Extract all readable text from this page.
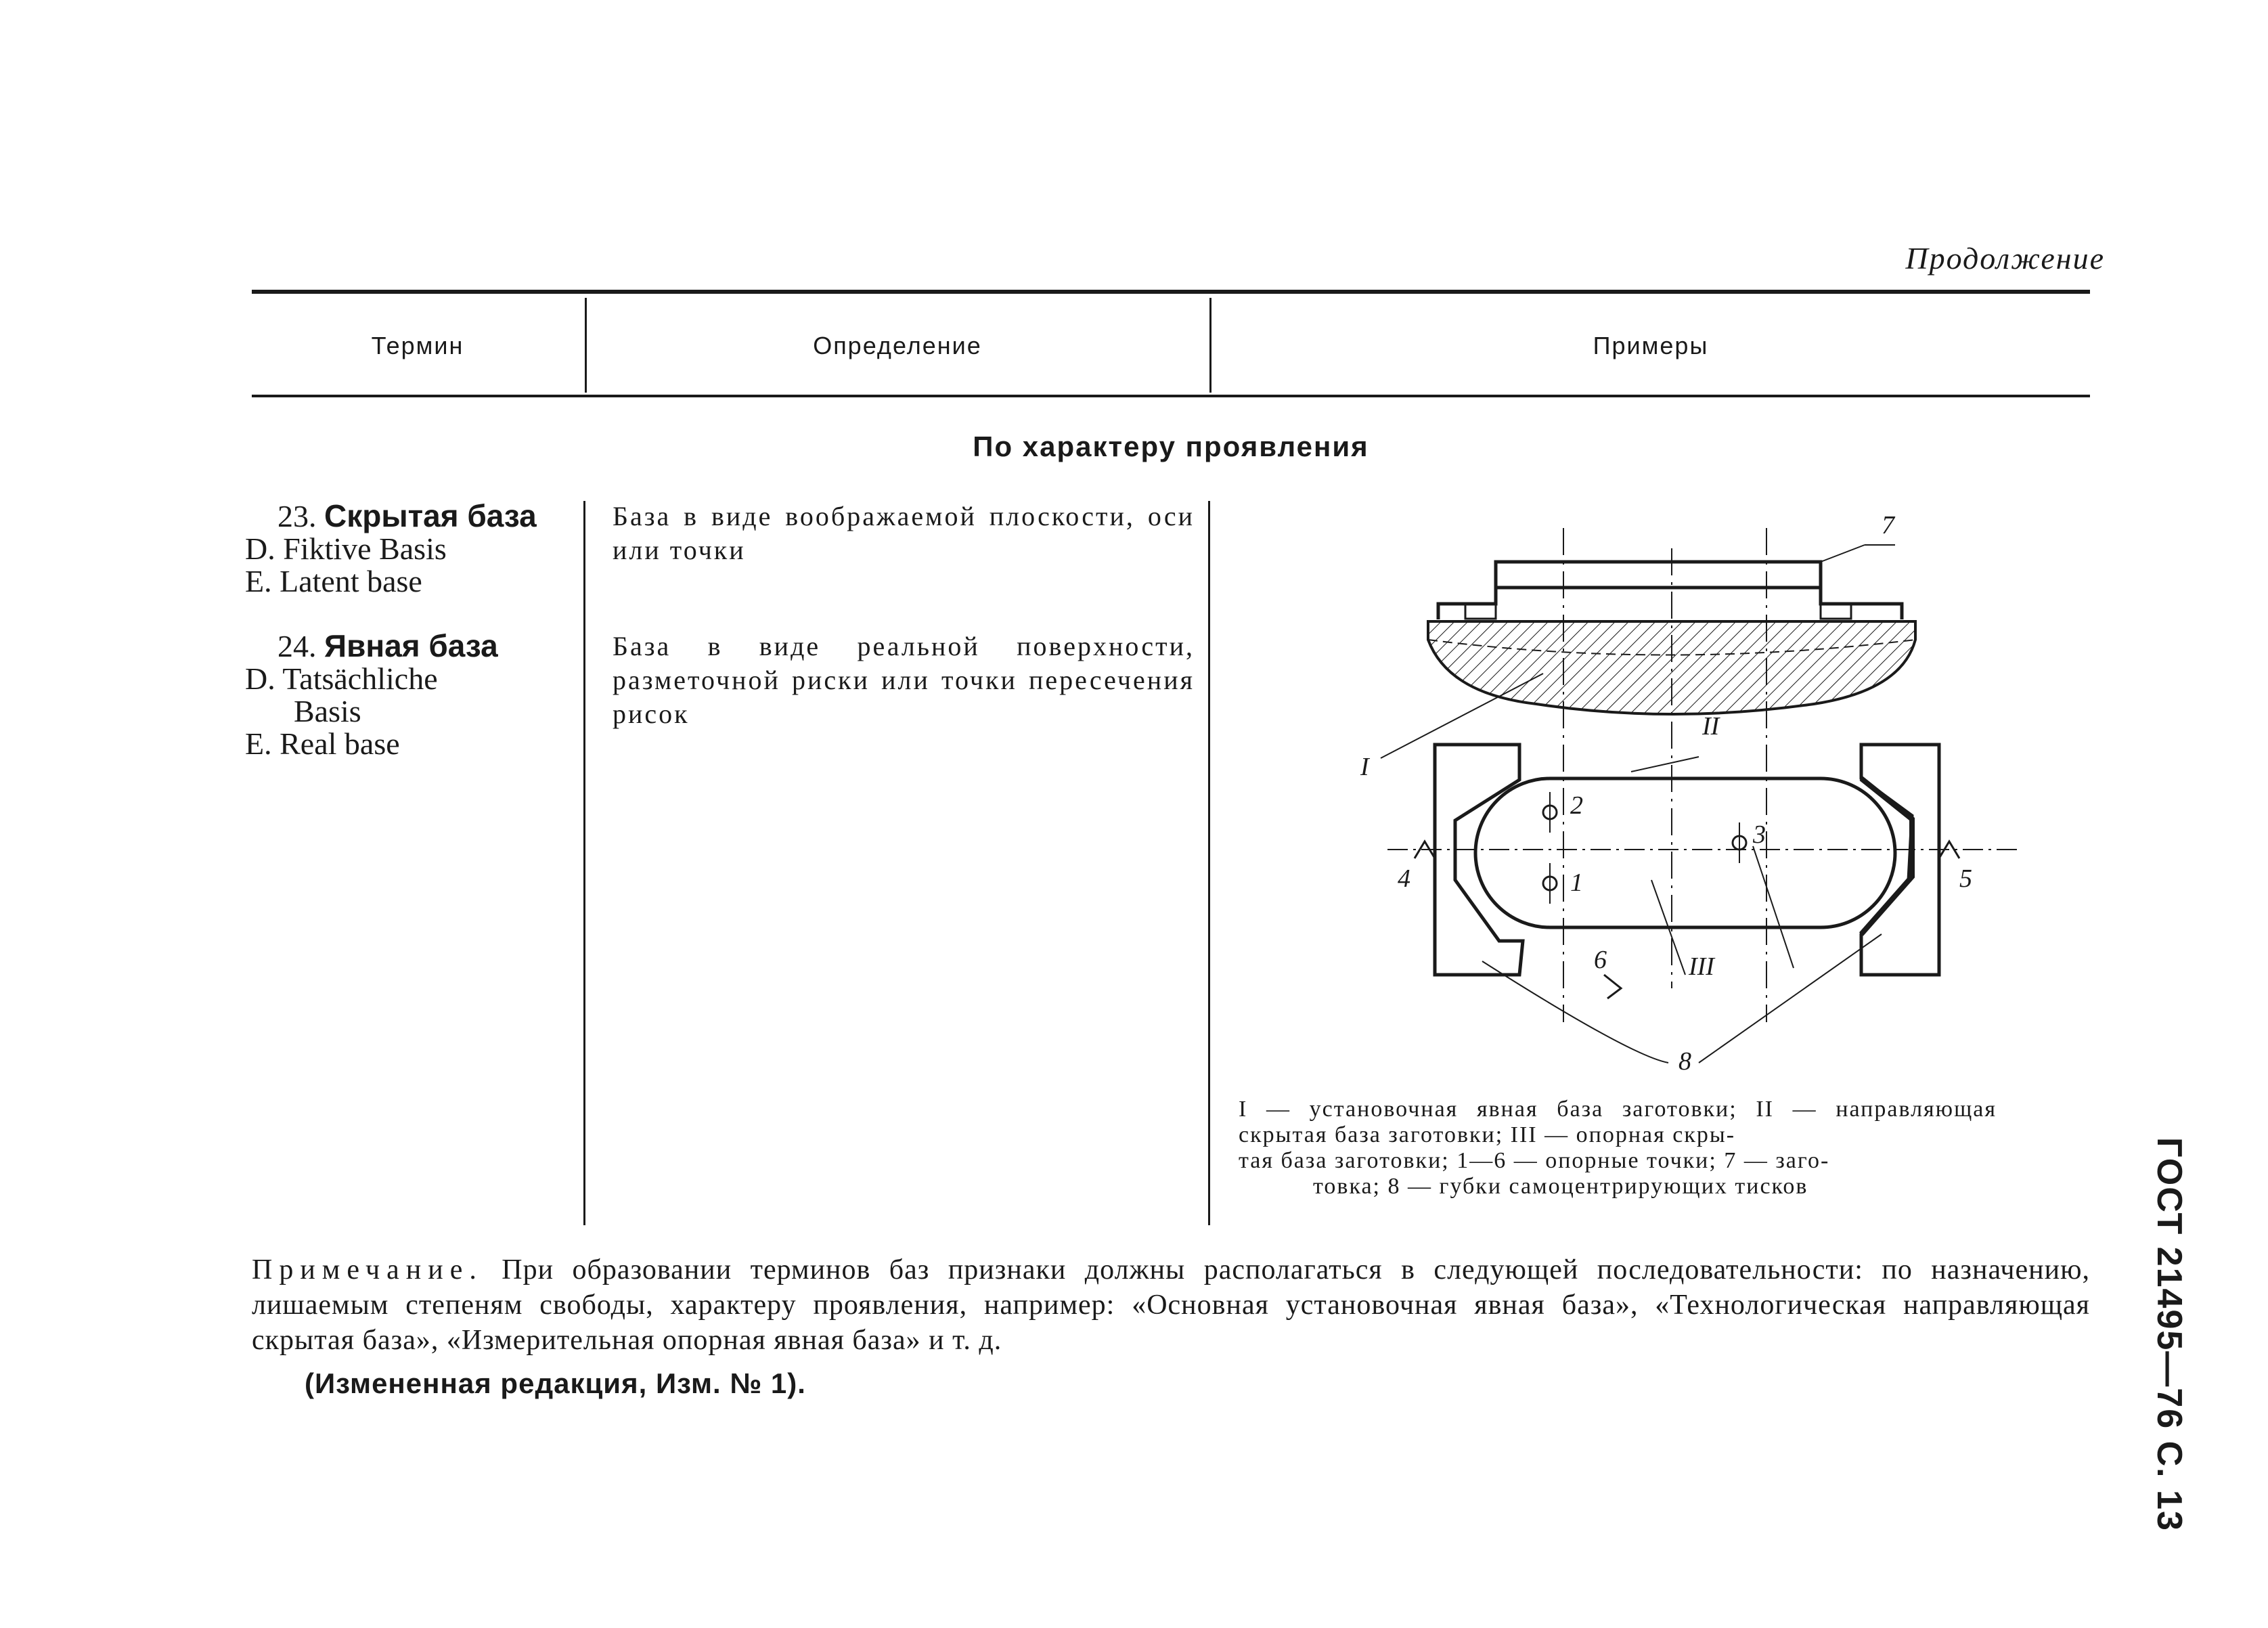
Продолжение
Термин	Определение	Примеры
По характеру проявления
23. Скрытая база
D. Fiktive Basis
E. Latent base
База в виде воображаемой плоскости, оси или точки
24. Явная база
D. Tatsächliche
Basis
E. Real base
База в виде реальной поверхности, разметочной риски или точки пересечения рисок
7
I
II
III
2
1
3
4	5
6
8

I — установочная явная база заготовки; II — направляющая скрытая база заготовки; III — опорная скры-

тая база заготовки; 1—6 — опорные точки; 7 — заго-

товка; 8 — губки самоцентрирующих тисков

Примечание. При образовании терминов баз признаки должны располагаться в следующей последовательности: по назначению, лишаемым степеням свободы, характеру проявления, например: «Основная установочная явная база», «Технологическая направляющая скрытая база», «Измерительная опорная явная база» и т. д.
(Измененная редакция, Изм. № 1).	ГОСТ 21495—76 С. 13
